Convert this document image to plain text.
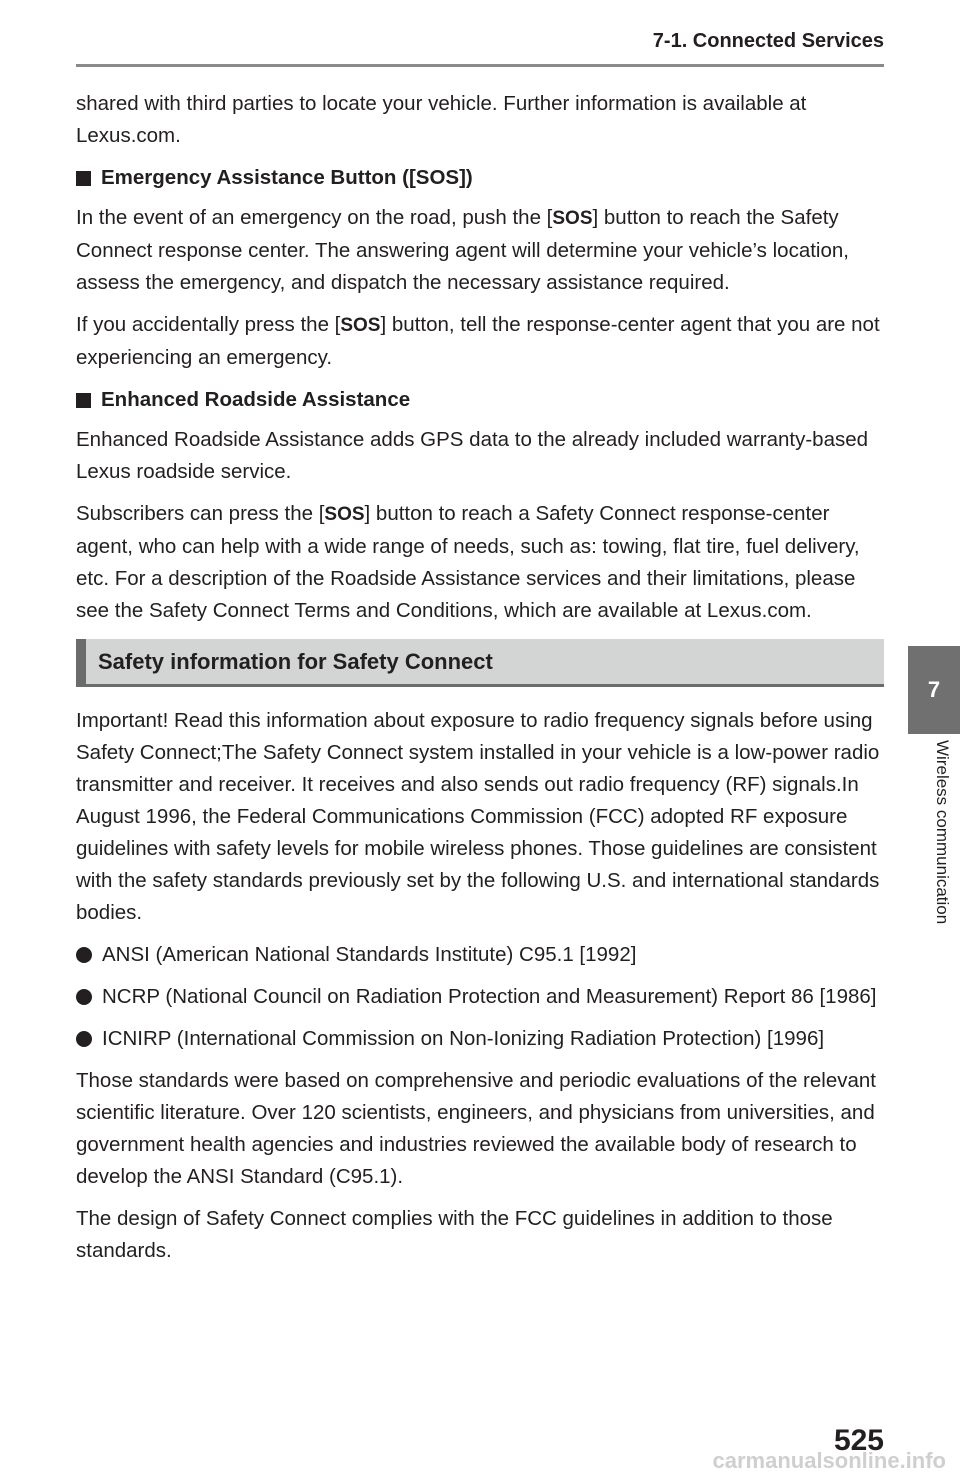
7-1. Connected Services

shared with third parties to locate your vehicle. Further information is available at Lexus.com.

Emergency Assistance Button ([SOS])

In the event of an emergency on the road, push the [SOS] button to reach the Safety Connect response center. The answering agent will determine your vehicle’s location, assess the emergency, and dispatch the necessary assistance required.

If you accidentally press the [SOS] button, tell the response-center agent that you are not experiencing an emergency.

Enhanced Roadside Assistance

Enhanced Roadside Assistance adds GPS data to the already included warranty-based Lexus roadside service.

Subscribers can press the [SOS] button to reach a Safety Connect response-center agent, who can help with a wide range of needs, such as: towing, flat tire, fuel delivery, etc. For a description of the Roadside Assistance services and their limitations, please see the Safety Connect Terms and Conditions, which are available at Lexus.com.

Safety information for Safety Connect

Important! Read this information about exposure to radio frequency signals before using Safety Connect;The Safety Connect system installed in your vehicle is a low-power radio transmitter and receiver. It receives and also sends out radio frequency (RF) signals.In August 1996, the Federal Communications Commission (FCC) adopted RF exposure guidelines with safety levels for mobile wireless phones. Those guidelines are consistent with the safety standards previously set by the following U.S. and international standards bodies.

ANSI (American National Standards Institute) C95.1 [1992]
NCRP (National Council on Radiation Protection and Measurement) Report 86 [1986]
ICNIRP (International Commission on Non-Ionizing Radiation Protection) [1996]

Those standards were based on comprehensive and periodic evaluations of the relevant scientific literature. Over 120 scientists, engineers, and physicians from universities, and government health agencies and industries reviewed the available body of research to develop the ANSI Standard (C95.1).

The design of Safety Connect complies with the FCC guidelines in addition to those standards.

7
Wireless communication
525
carmanualsonline.info
